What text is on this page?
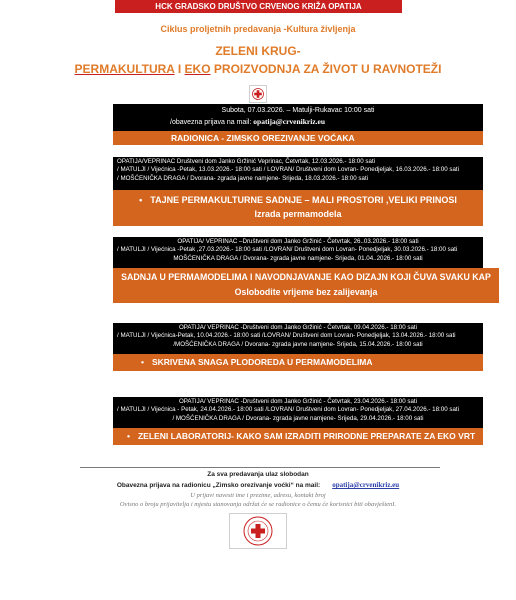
HCK GRADSKO DRUŠTVO CRVENOG KRIŽA OPATIJA
Ciklus proljetnih predavanja -Kultura življenja
ZELENI KRUG-
PERMAKULTURA I EKO PROIZVODNJA ZA ŽIVOT U RAVNOTEŽI
Subota, 07.03.2026. – Matulji-Rukavac 10:00 sati
/obavezna prijava na mail: opatija@crvenikriz.eu
RADIONICA - ZIMSKO OREZIVANJE VOĆAKA
OPATIJA/VEPRINAC Društveni dom Janko Gržinić Veprinac, Četvrtak, 12.03.2026.- 18:00 sati
/ MATULJI / Vijećnica -Petak, 13.03.2026.- 18:00 sati / LOVRAN/ Društveni dom Lovran- Ponedjeljak, 16.03.2026.- 18:00 sati
/ MOŠĆENIČKA DRAGA / Dvorana- zgrada javne namjene- Srijeda, 18.03.2026.- 18:00 sati
• TAJNE PERMAKULTURNE SADNJE – MALI PROSTORI ,VELIKI PRINOSI
Izrada permamodela
OPATIJA/ VEPRINAC –Društveni dom Janko Gržinić - Četvrtak, 26..03.2026.- 18:00 sati
/ MATULJI / Vijećnica -Petak ,27.03.2026.- 18:00 sati /LOVRAN/ Društveni dom Lovran- Ponedjeljak, 30.03.2026.- 18:00 sati
MOŠĆENIČKA DRAGA / Dvorana- zgrada javne namjene- Srijeda, 01.04..2026.- 18:00 sati
SADNJA U PERMAMODELIMA I NAVODNJAVANJE KAO DIZAJN KOJI ČUVA SVAKU KAP
Oslobodite vrijeme bez zalijevanja
OPATIJA/ VEPRINAC -Društveni dom Janko Gržinić - Četvrtak, 09.04.2026.- 18:00 sati
/ MATULJI / Vijećnica-Petak, 10.04.2026.- 18:00 sati /LOVRAN/ Društveni dom Lovran- Ponedjeljak, 13.04.2026.- 18:00 sati
/MOŠĆENIČKA DRAGA / Dvorana- zgrada javne namjene- Srijeda, 15.04.2026.- 18:00 sati
• SKRIVENA SNAGA PLODOREDA U PERMAMODELIMA
OPATIJA/ VEPRINAC -Društveni dom Janko Gržinić - Četvrtak, 23.04.2026.- 18:00 sati
/ MATULJI / Vijećnica - Petak, 24.04.2026.- 18:00 sati /LOVRAN/ Društveni dom Lovran- Ponedjeljak, 27.04.2026.- 18:00 sati
/ MOŠĆENIČKA DRAGA / Dvorana- zgrada javne namjene- Srijeda, 29.04.2026.- 18:00 sati
• ZELENI LABORATORIJ- KAKO SAM IZRADITI PRIRODNE PREPARATE ZA EKO VRT
Za sva predavanja ulaz slobodan
Obavezna prijava na radionicu „Zimsko orezivanje voćki“ na mail: opatija@crvenikriz.eu
U prijavi navesti ime i prezime, adresu, kontakt broj
Ovisno o broju prijavitelja i mjestu stanovanja održat će se radionice o čemu će korisnici biti obavještenI.
